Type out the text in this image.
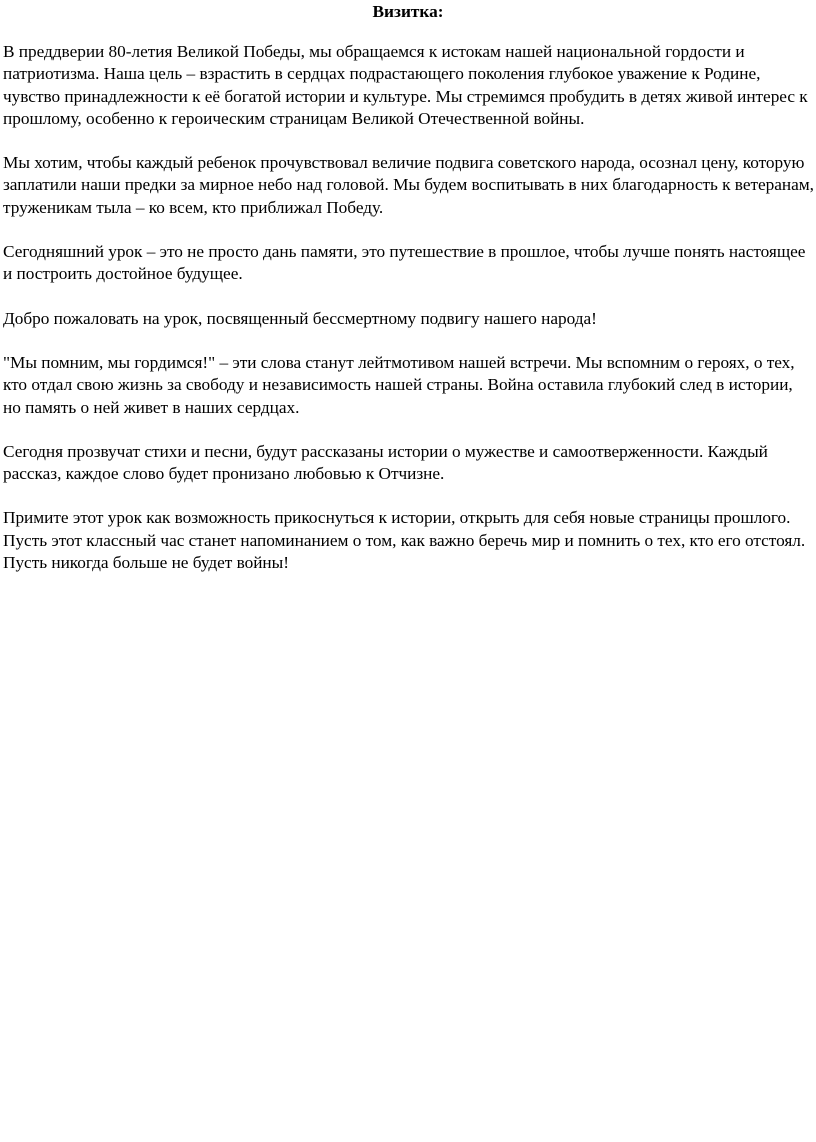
Визитка:

В преддверии 80-летия Великой Победы, мы обращаемся к истокам нашей национальной гордости и патриотизма. Наша цель – взрастить в сердцах подрастающего поколения глубокое уважение к Родине, чувство принадлежности к её богатой истории и культуре. Мы стремимся пробудить в детях живой интерес к прошлому, особенно к героическим страницам Великой Отечественной войны.

Мы хотим, чтобы каждый ребенок прочувствовал величие подвига советского народа, осознал цену, которую заплатили наши предки за мирное небо над головой. Мы будем воспитывать в них благодарность к ветеранам, труженикам тыла – ко всем, кто приближал Победу.

Сегодняшний урок – это не просто дань памяти, это путешествие в прошлое, чтобы лучше понять настоящее и построить достойное будущее.

Добро пожаловать на урок, посвященный бессмертному подвигу нашего народа!

"Мы помним, мы гордимся!" – эти слова станут лейтмотивом нашей встречи. Мы вспомним о героях, о тех, кто отдал свою жизнь за свободу и независимость нашей страны. Война оставила глубокий след в истории, но память о ней живет в наших сердцах.

Сегодня прозвучат стихи и песни, будут рассказаны истории о мужестве и самоотверженности. Каждый рассказ, каждое слово будет пронизано любовью к Отчизне.

Примите этот урок как возможность прикоснуться к истории, открыть для себя новые страницы прошлого. Пусть этот классный час станет напоминанием о том, как важно беречь мир и помнить о тех, кто его отстоял. Пусть никогда больше не будет войны!
